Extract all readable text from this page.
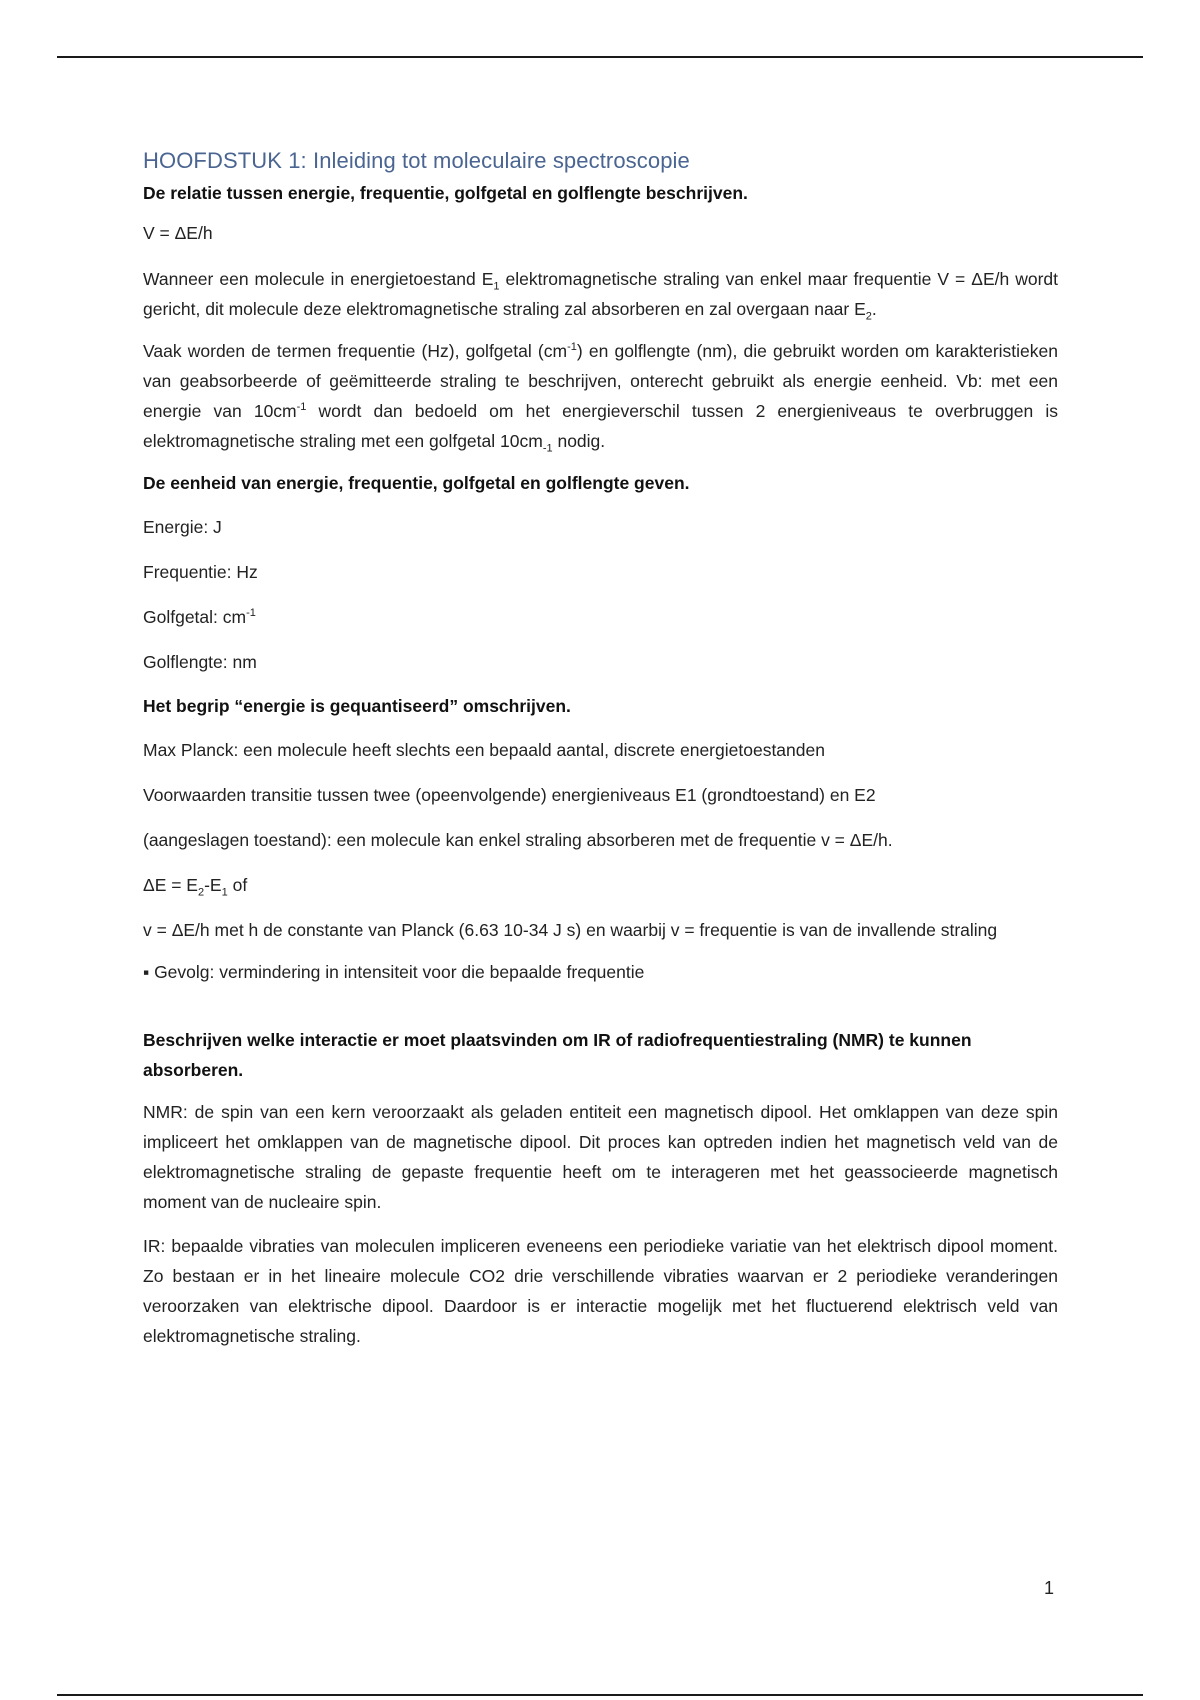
HOOFDSTUK 1: Inleiding tot moleculaire spectroscopie

De relatie tussen energie, frequentie, golfgetal en golflengte beschrijven.

V = ΔE/h

Wanneer een molecule in energietoestand $E_1$ elektromagnetische straling van enkel maar frequentie V = ΔE/h wordt gericht, dit molecule deze elektromagnetische straling zal absorberen en zal overgaan naar $E_2$.

Vaak worden de termen frequentie (Hz), golfgetal $(cm^{-1})$ en golflengte (nm), die gebruikt worden om karakteristieken van geabsorbeerde of geëmitteerde straling te beschrijven, onterecht gebruikt als energie eenheid. Vb: met een energie van $10cm^{-1}$ wordt dan bedoeld om het energieverschil tussen 2 energieniveaus te overbruggen is elektromagnetische straling met een golfgetal $10cm_{-1}$ nodig.

De eenheid van energie, frequentie, golfgetal en golflengte geven.

Energie: J

Frequentie: Hz

Golfgetal: $cm^{-1}$

Golflengte: nm

Het begrip “energie is gequantiseerd” omschrijven.

Max Planck: een molecule heeft slechts een bepaald aantal, discrete energietoestanden

Voorwaarden transitie tussen twee (opeenvolgende) energieniveaus E1 (grondtoestand) en E2

(aangeslagen toestand): een molecule kan enkel straling absorberen met de frequentie v = ΔE/h.

$\Delta E = E_2-E_1$ of

v = ΔE/h met h de constante van Planck (6.63 10-34 J s) en waarbij v = frequentie is van de invallende straling

▪ Gevolg: vermindering in intensiteit voor die bepaalde frequentie

Beschrijven welke interactie er moet plaatsvinden om IR of radiofrequentiestraling (NMR) te kunnen absorberen.

NMR: de spin van een kern veroorzaakt als geladen entiteit een magnetisch dipool. Het omklappen van deze spin impliceert het omklappen van de magnetische dipool. Dit proces kan optreden indien het magnetisch veld van de elektromagnetische straling de gepaste frequentie heeft om te interageren met het geassocieerde magnetisch moment van de nucleaire spin.

IR: bepaalde vibraties van moleculen impliceren eveneens een periodieke variatie van het elektrisch dipool moment. Zo bestaan er in het lineaire molecule CO2 drie verschillende vibraties waarvan er 2 periodieke veranderingen veroorzaken van elektrische dipool. Daardoor is er interactie mogelijk met het fluctuerend elektrisch veld van elektromagnetische straling.

1
